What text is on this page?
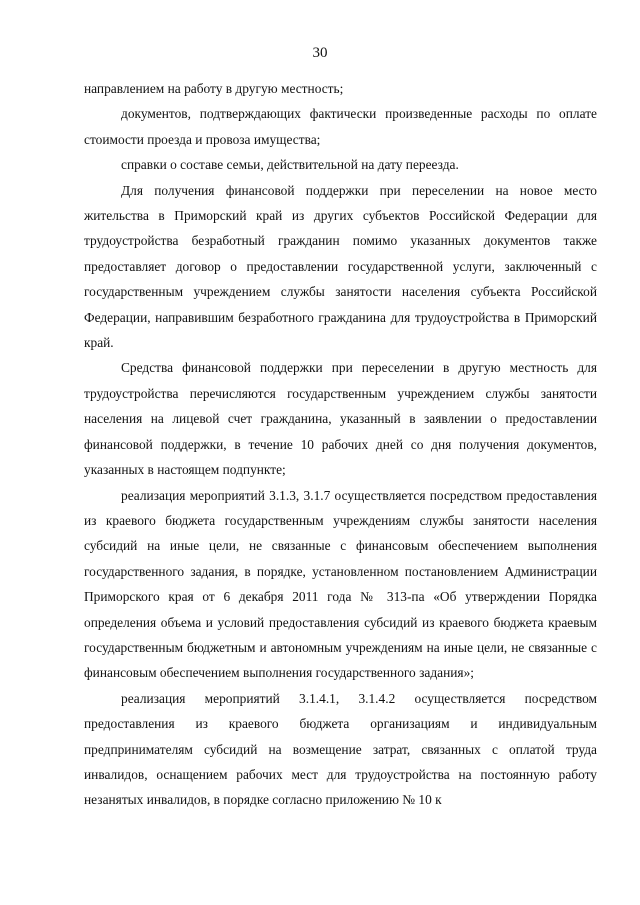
30

направлением на работу в другую местность;

документов, подтверждающих фактически произведенные расходы по оплате стоимости проезда и провоза имущества;

справки о составе семьи, действительной на дату переезда.

Для получения финансовой поддержки при переселении на новое место жительства в Приморский край из других субъектов Российской Федерации для трудоустройства безработный гражданин помимо указанных документов также предоставляет договор о предоставлении государственной услуги, заключенный с государственным учреждением службы занятости населения субъекта Российской Федерации, направившим безработного гражданина для трудоустройства в Приморский край.

Средства финансовой поддержки при переселении в другую местность для трудоустройства перечисляются государственным учреждением службы занятости населения на лицевой счет гражданина, указанный в заявлении о предоставлении финансовой поддержки, в течение 10 рабочих дней со дня получения документов, указанных в настоящем подпункте;

реализация мероприятий 3.1.3, 3.1.7 осуществляется посредством предоставления из краевого бюджета государственным учреждениям службы занятости населения субсидий на иные цели, не связанные с финансовым обеспечением выполнения государственного задания, в порядке, установленном постановлением Администрации Приморского края от 6 декабря 2011 года № 313-па «Об утверждении Порядка определения объема и условий предоставления субсидий из краевого бюджета краевым государственным бюджетным и автономным учреждениям на иные цели, не связанные с финансовым обеспечением выполнения государственного задания»;

реализация мероприятий 3.1.4.1, 3.1.4.2 осуществляется посредством предоставления из краевого бюджета организациям и индивидуальным предпринимателям субсидий на возмещение затрат, связанных с оплатой труда инвалидов, оснащением рабочих мест для трудоустройства на постоянную работу незанятых инвалидов, в порядке согласно приложению № 10 к
